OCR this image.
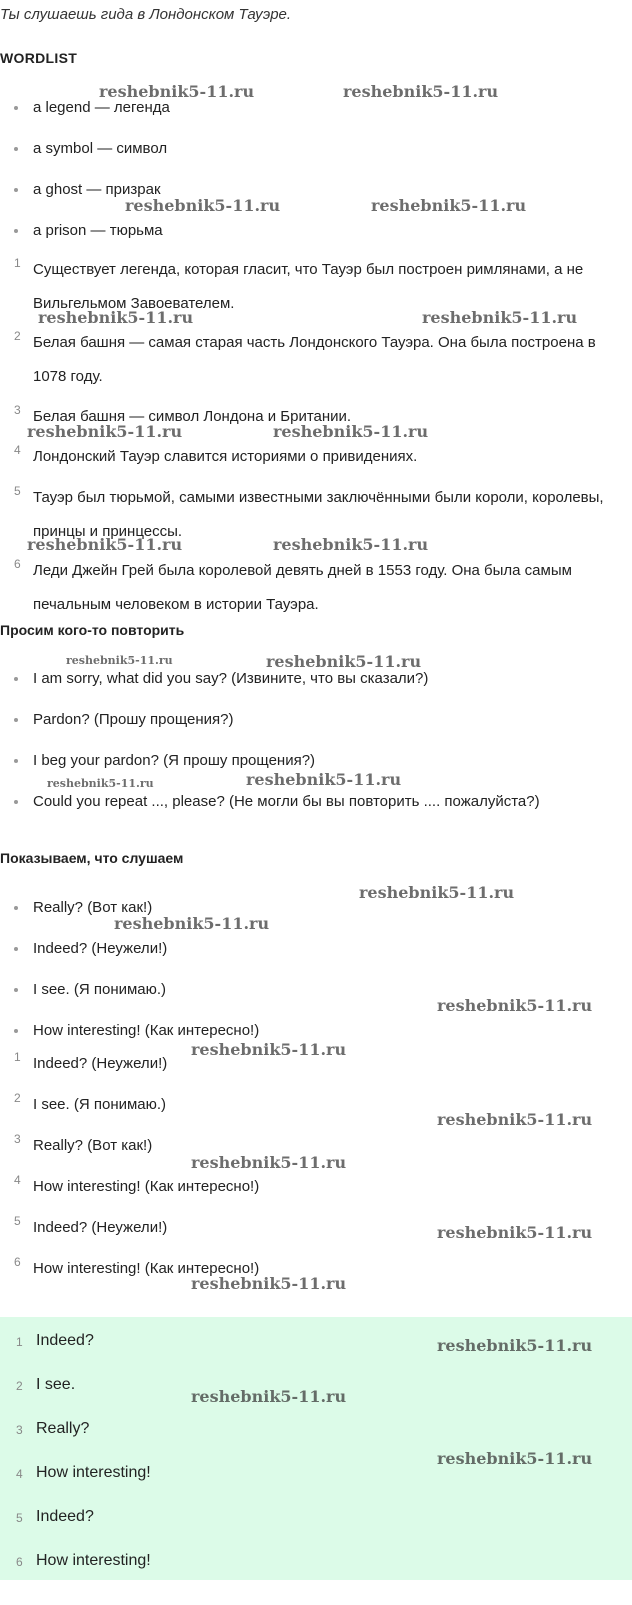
Ты слушаешь гида в Лондонском Тауэре.
WORDLIST
a legend — легенда
a symbol — символ
a ghost — призрак
a prison — тюрьма
1 Существует легенда, которая гласит, что Тауэр был построен римлянами, а не Вильгельмом Завоевателем.
2 Белая башня — самая старая часть Лондонского Тауэра. Она была построена в 1078 году.
3 Белая башня — символ Лондона и Британии.
4 Лондонский Тауэр славится историями о привидениях.
5 Тауэр был тюрьмой, самыми известными заключёнными были короли, королевы, принцы и принцессы.
6 Леди Джейн Грей была королевой девять дней в 1553 году. Она была самым печальным человеком в истории Тауэра.
Просим кого-то повторить
I am sorry, what did you say? (Извините, что вы сказали?)
Pardon? (Прошу прощения?)
I beg your pardon? (Я прошу прощения?)
Could you repeat ..., please? (Не могли бы вы повторить .... пожалуйста?)
Показываем, что слушаем
Really? (Вот как!)
Indeed? (Неужели!)
I see. (Я понимаю.)
How interesting! (Как интересно!)
1 Indeed? (Неужели!)
2 I see. (Я понимаю.)
3 Really? (Вот как!)
4 How interesting! (Как интересно!)
5 Indeed? (Неужели!)
6 How interesting! (Как интересно!)
1 Indeed?
2 I see.
3 Really?
4 How interesting!
5 Indeed?
6 How interesting!
reshebnik5-11.ru	reshebnik5-11.ru
reshebnik5-11.ru	reshebnik5-11.ru
reshebnik5-11.ru	reshebnik5-11.ru
reshebnik5-11.ru	reshebnik5-11.ru
reshebnik5-11.ru	reshebnik5-11.ru
reshebnik5-11.ru	reshebnik5-11.ru
reshebnik5-11.ru	reshebnik5-11.ru
reshebnik5-11.ru
reshebnik5-11.ru
reshebnik5-11.ru
reshebnik5-11.ru
reshebnik5-11.ru
reshebnik5-11.ru
reshebnik5-11.ru
reshebnik5-11.ru
reshebnik5-11.ru
reshebnik5-11.ru
reshebnik5-11.ru
